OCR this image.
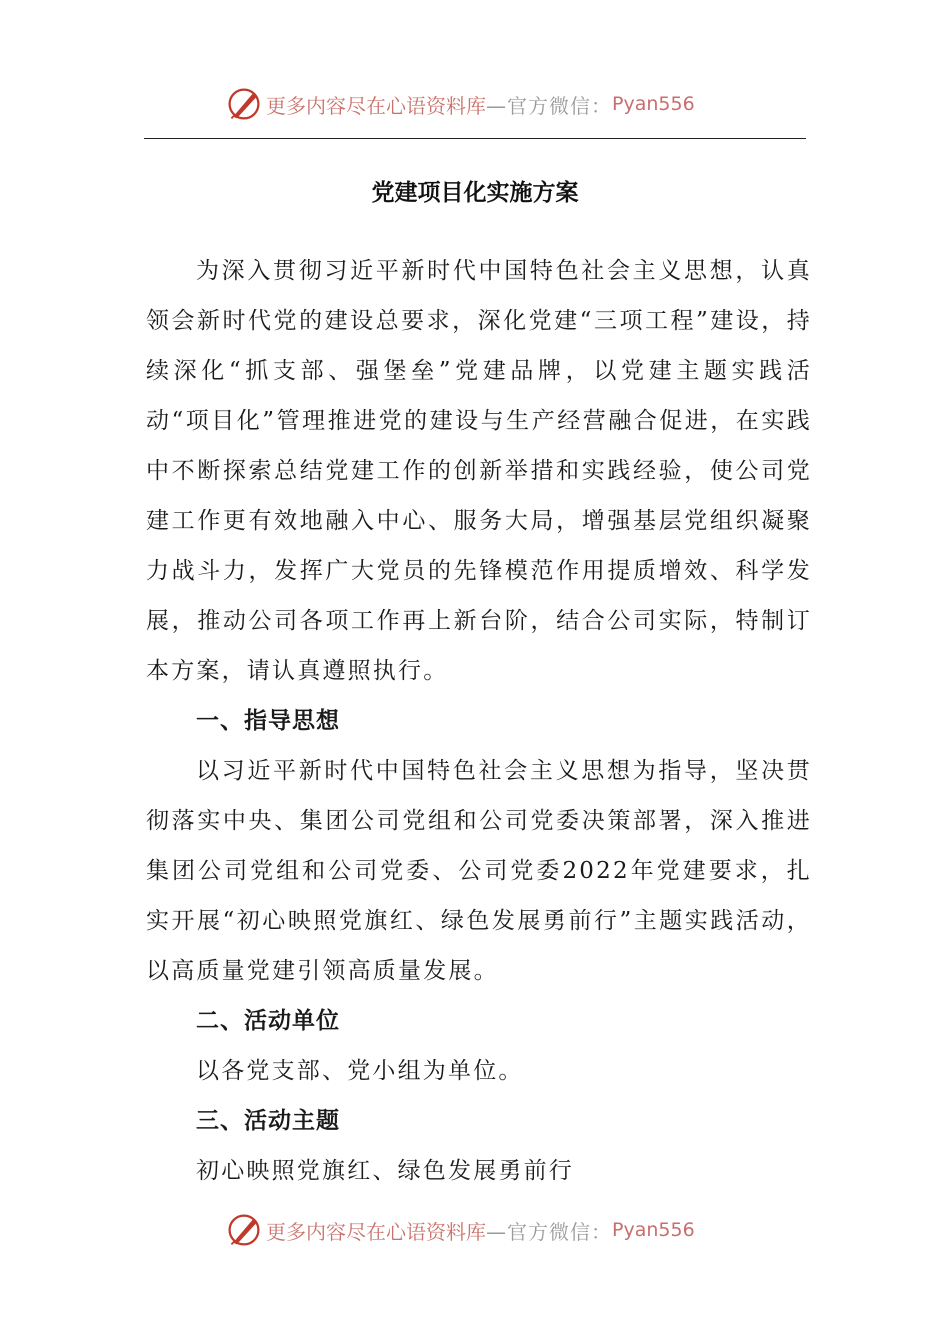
更多内容尽在心语资料库 —官方微信： Pyan556
党建项目化实施方案

为深入贯彻习近平新时代中国特色社会主义思想，认真领会新时代党的建设总要求，深化党建“三项工程”建设，持续深化“抓支部、强堡垒”党建品牌，以党建主题实践活动“项目化”管理推进党的建设与生产经营融合促进，在实践中不断探索总结党建工作的创新举措和实践经验，使公司党建工作更有效地融入中心、服务大局，增强基层党组织凝聚力战斗力，发挥广大党员的先锋模范作用提质增效、科学发展，推动公司各项工作再上新台阶，结合公司实际，特制订本方案，请认真遵照执行。

一、指导思想

以习近平新时代中国特色社会主义思想为指导，坚决贯彻落实中央、集团公司党组和公司党委决策部署，深入推进集团公司党组和公司党委、公司党委2022年党建要求，扎实开展“初心映照党旗红、绿色发展勇前行”主题实践活动，以高质量党建引领高质量发展。

二、活动单位

以各党支部、党小组为单位。

三、活动主题

初心映照党旗红、绿色发展勇前行

更多内容尽在心语资料库 —官方微信： Pyan556
